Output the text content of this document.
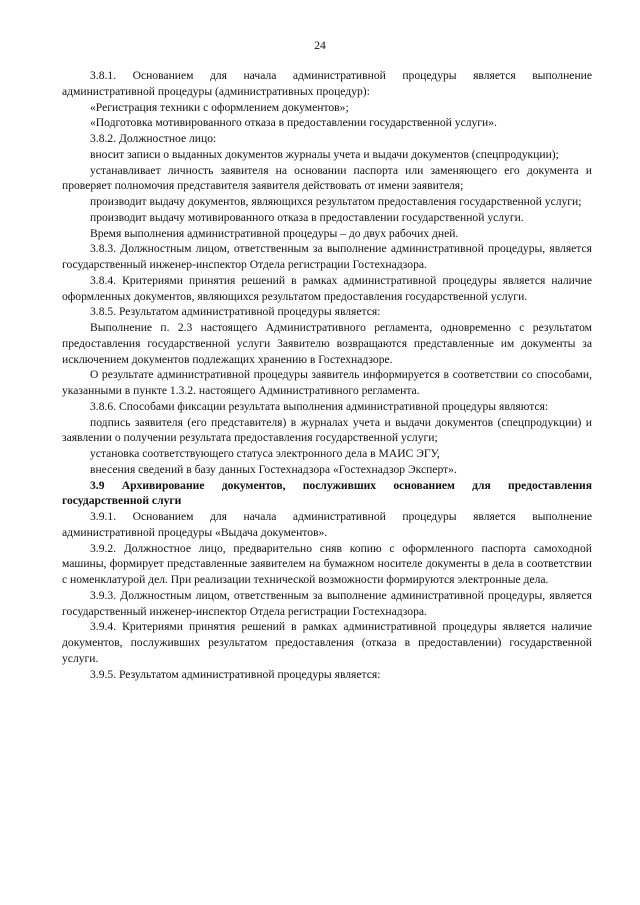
24

3.8.1. Основанием для начала административной процедуры является выполнение административной процедуры (административных процедур):

«Регистрация техники с оформлением документов»;

«Подготовка мотивированного отказа в предоставлении государственной услуги».

3.8.2. Должностное лицо:

вносит записи о выданных документов журналы учета и выдачи документов (спецпродукции);

устанавливает личность заявителя на основании паспорта или заменяющего его документа и проверяет полномочия представителя заявителя действовать от имени заявителя;

производит выдачу документов, являющихся результатом предоставления государственной услуги;

производит выдачу мотивированного отказа в предоставлении государственной услуги.

Время выполнения административной процедуры – до двух рабочих дней.

3.8.3. Должностным лицом, ответственным за выполнение административной процедуры, является государственный инженер-инспектор Отдела регистрации Гостехнадзора.

3.8.4. Критериями принятия решений в рамках административной процедуры является наличие оформленных документов, являющихся результатом предоставления государственной услуги.

3.8.5. Результатом административной процедуры является:

Выполнение п. 2.3 настоящего Административного регламента, одновременно с результатом предоставления государственной услуги Заявителю возвращаются представленные им документы за исключением документов подлежащих хранению в Гостехнадзоре.

О результате административной процедуры заявитель информируется в соответствии со способами, указанными в пункте 1.3.2. настоящего Административного регламента.

3.8.6. Способами фиксации результата выполнения административной процедуры являются:

подпись заявителя (его представителя) в журналах учета и выдачи документов (спецпродукции) и заявлении о получении результата предоставления государственной услуги;

установка соответствующего статуса электронного дела в МАИС ЭГУ,

внесения сведений в базу данных Гостехнадзора «Гостехнадзор Эксперт».

3.9 Архивирование документов, послуживших основанием для предоставления государственной слуги

3.9.1. Основанием для начала административной процедуры является выполнение административной процедуры «Выдача документов».

3.9.2. Должностное лицо, предварительно сняв копию с оформленного паспорта самоходной машины, формирует представленные заявителем на бумажном носителе документы в дела в соответствии с номенклатурой дел. При реализации технической возможности формируются электронные дела.

3.9.3. Должностным лицом, ответственным за выполнение административной процедуры, является государственный инженер-инспектор Отдела регистрации Гостехнадзора.

3.9.4. Критериями принятия решений в рамках административной процедуры является наличие документов, послуживших результатом предоставления (отказа в предоставлении) государственной услуги.

3.9.5. Результатом административной процедуры является:
